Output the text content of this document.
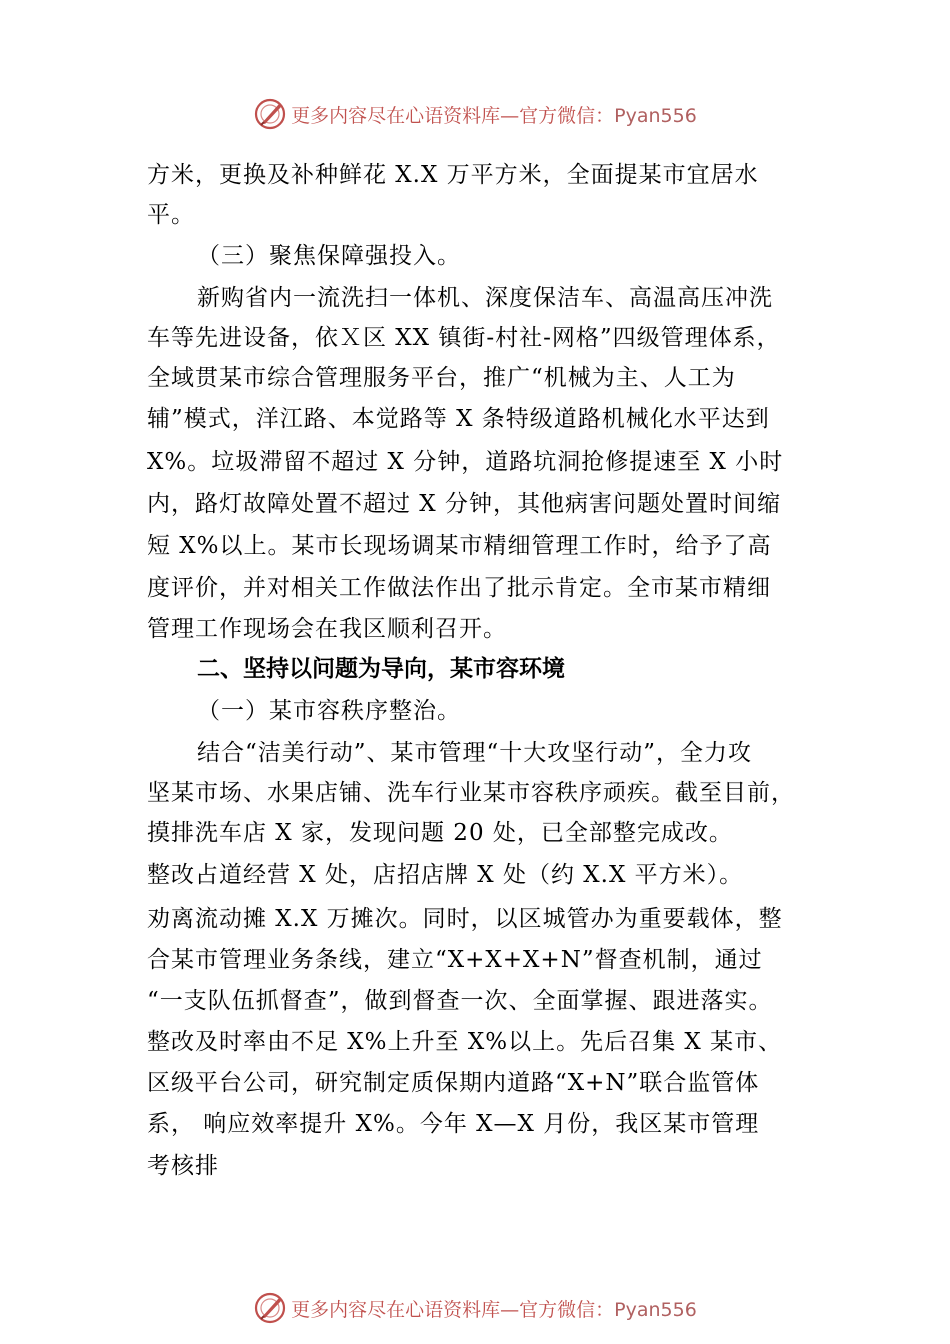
更多内容尽在心语资料库—官方微信：Pyan556
方米，更换及补种鲜花 X.X 万平方米，全面提某市宜居水
平。
（三）聚焦保障强投入。
新购省内一流洗扫一体机、深度保洁车、高温高压冲洗
车等先进设备，依Ｘ区 XX 镇街-村社-网格”四级管理体系，
全域贯某市综合管理服务平台，推广“机械为主、人工为
辅”模式，洋江路、本觉路等 X 条特级道路机械化水平达到
X%。垃圾滞留不超过 X 分钟，道路坑洞抢修提速至 X 小时
内，路灯故障处置不超过 X 分钟，其他病害问题处置时间缩
短 X%以上。某市长现场调某市精细管理工作时，给予了高
度评价，并对相关工作做法作出了批示肯定。全市某市精细
管理工作现场会在我区顺利召开。
二、坚持以问题为导向，某市容环境
（一）某市容秩序整治。
结合“洁美行动”、某市管理“十大攻坚行动”，全力攻
坚某市场、水果店铺、洗车行业某市容秩序顽疾。截至目前，
摸排洗车店 X 家，发现问题 20 处，已全部整完成改。
整改占道经营 X 处，店招店牌 X 处（约 X.X 平方米）。
劝离流动摊 X.X 万摊次。同时，以区城管办为重要载体，整
合某市管理业务条线，建立“X+X+X+N”督查机制，通过
“一支队伍抓督查”，做到督查一次、全面掌握、跟进落实。
整改及时率由不足 X%上升至 X%以上。先后召集 X 某市、
区级平台公司，研究制定质保期内道路“X+N”联合监管体
系， 响应效率提升 X%。今年 X—X 月份，我区某市管理
考核排
更多内容尽在心语资料库—官方微信：Pyan556
